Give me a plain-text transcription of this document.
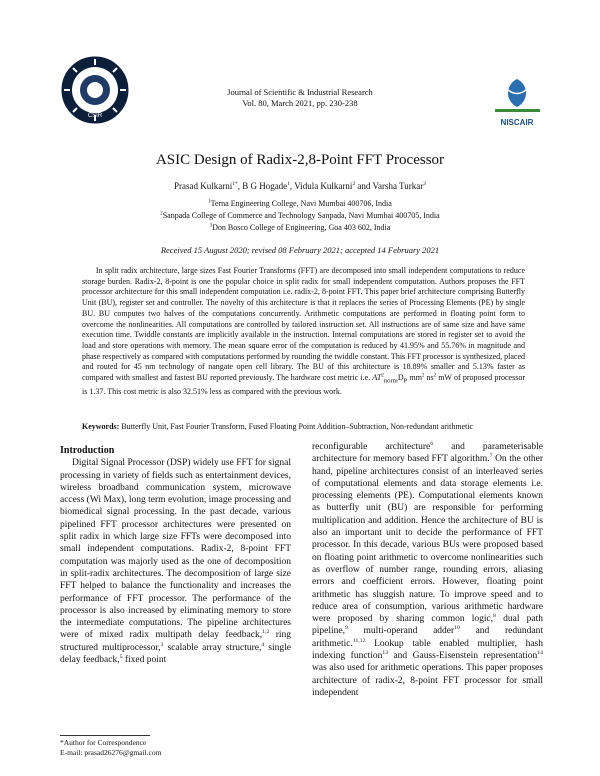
CSIR
NISCAIR
Journal of Scientific & Industrial Research
Vol. 80, March 2021, pp. 230-238
ASIC Design of Radix-2,8-Point FFT Processor
Prasad Kulkarni$^{1*}$, B G Hogade$^1$, Vidula Kulkarni$^2$ and Varsha Turkar$^3$
$^1$Terna Engineering College, Navi Mumbai 400706, India
$^2$Sanpada College of Commerce and Technology Sanpada, Navi Mumbai 400705, India
$^3$Don Bosco College of Engineering, Goa 403 602, India
Received 15 August 2020; revised 08 February 2021; accepted 14 February 2021
In split radix architecture, large sizes Fast Fourier Transforms (FFT) are decomposed into small independent computations to reduce storage burden. Radix-2, 8-point is one the popular choice in split radix for small independent computation. Authors proposes the FFT processor architecture for this small independent computation i.e. radix-2, 8-point FFT. This paper brief architecture comprising Butterfly Unit (BU), register set and controller. The novelty of this architecture is that it replaces the series of Processing Elements (PE) by single BU. BU computes two halves of the computations concurrently. Arithmetic computations are performed in floating point form to overcome the nonlinearities. All computations are controlled by tailored instruction set. All instructions are of same size and have same execution time. Twiddle constants are implicitly available in the instruction. Internal computations are stored in register set to avoid the load and store operations with memory. The mean square error of the computation is reduced by 41.95% and 55.76% in magnitude and phase respectively as compared with computations performed by rounding the twiddle constant. This FFT processor is synthesized, placed and routed for 45 nm technology of nangate open cell library. The BU of this architecture is 18.89% smaller and 5.13% faster as compared with smallest and fastest BU reported previously. The hardware cost metric i.e. $AT^2_{norm}D_P$ $mm^2$ $ns^2$ mW of proposed processor is 1.37. This cost metric is also 32.51% less as compared with the previous work.
Keywords: Butterfly Unit, Fast Fourier Transform, Fused Floating Point Addition–Subtraction, Non-redundant arithmetic
Introduction

Digital Signal Processor (DSP) widely use FFT for signal processing in variety of fields such as entertainment devices, wireless broadband communication system, microwave access (Wi Max), long term evolution, image processing and biomedical signal processing. In the past decade, various pipelined FFT processor architectures were presented on split radix in which large size FFTs were decomposed into small independent computations. Radix-2, 8-point FFT computation was majorly used as the one of decomposition in split-radix architectures. The decomposition of large size FFT helped to balance the functionality and increases the performance of FFT processor. The performance of the processor is also increased by eliminating memory to store the intermediate computations. The pipeline architectures were of mixed radix multipath delay feedback,$^{1,2}$ ring structured multiprocessor,$^3$ scalable array structure,$^4$ single delay feedback,$^5$ fixed point

reconfigurable architecture$^6$ and parameterisable architecture for memory based FFT algorithm.$^7$ On the other hand, pipeline architectures consist of an interleaved series of computational elements and data storage elements i.e. processing elements (PE). Computational elements known as butterfly unit (BU) are responsible for performing multiplication and addition. Hence the architecture of BU is also an important unit to decide the performance of FFT processor. In this decade, various BUs were proposed based on floating point arithmetic to overcome nonlinearities such as overflow of number range, rounding errors, aliasing errors and coefficient errors. However, floating point arithmetic has sluggish nature. To improve speed and to reduce area of consumption, various arithmetic hardware were proposed by sharing common logic,$^8$ dual path pipeline,$^9$ multi-operand adder$^{10}$ and redundant arithmetic.$^{11,12}$ Lookup table enabled multiplier, hash indexing function$^{13}$ and Gauss-Eisenstein representation$^{14}$ was also used for arithmetic operations. This paper proposes architecture of radix-2, 8-point FFT processor for small independent

*Author for Correspondence
E-mail: prasad26276@gmail.com
